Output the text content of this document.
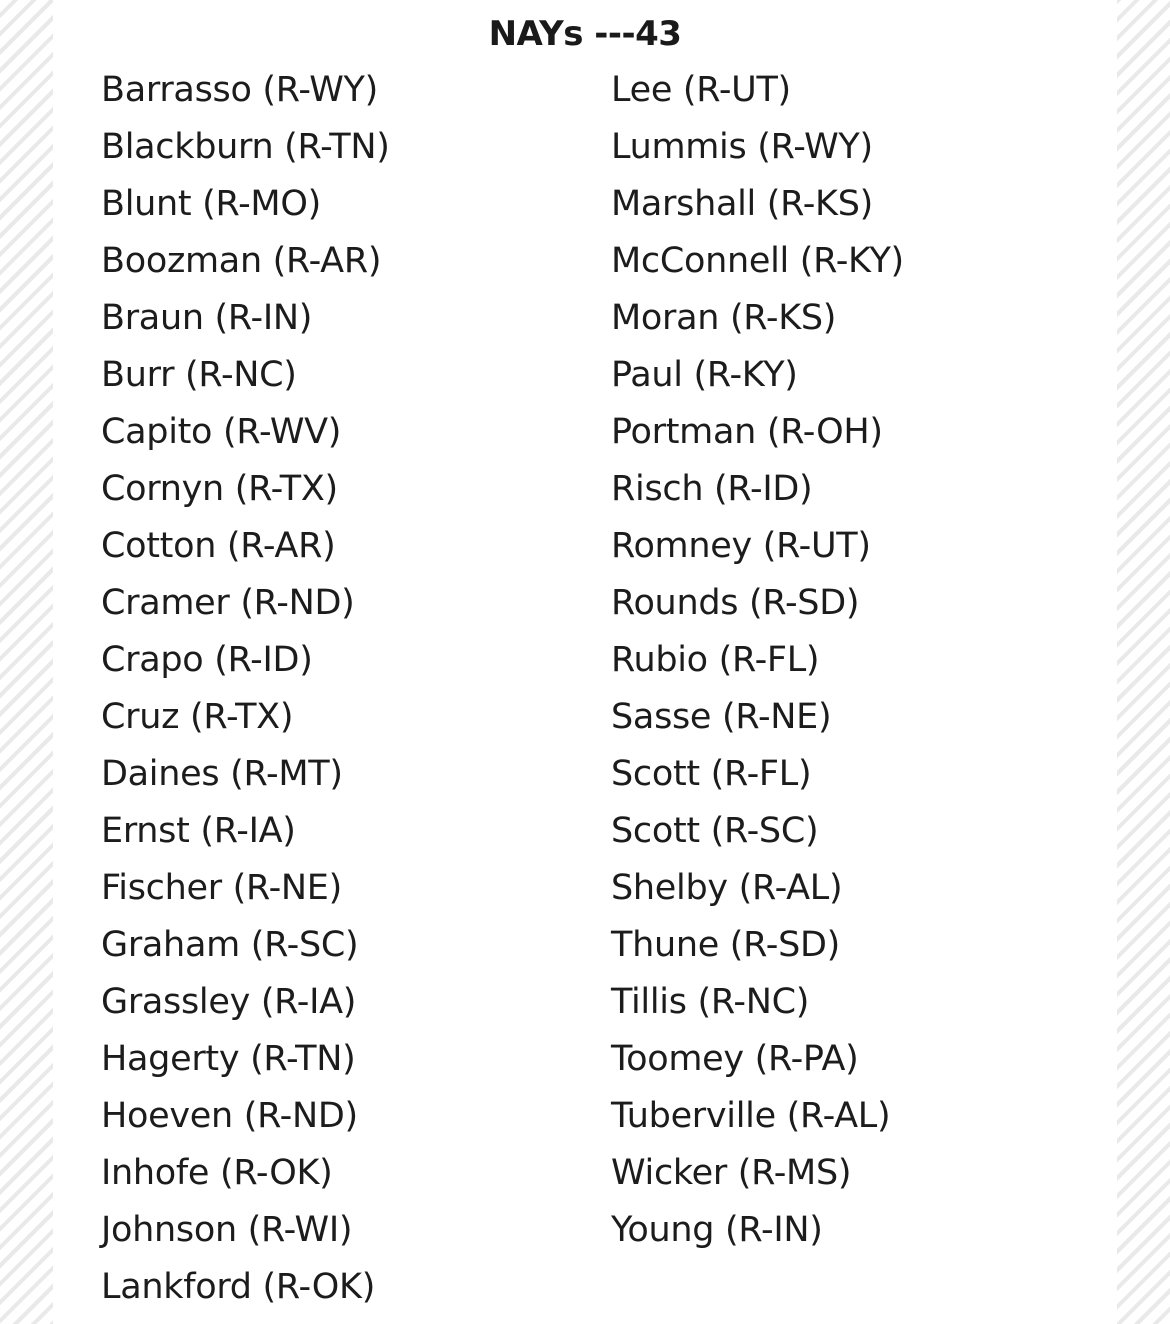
NAYs ---43
Barrasso (R-WY)
Blackburn (R-TN)
Blunt (R-MO)
Boozman (R-AR)
Braun (R-IN)
Burr (R-NC)
Capito (R-WV)
Cornyn (R-TX)
Cotton (R-AR)
Cramer (R-ND)
Crapo (R-ID)
Cruz (R-TX)
Daines (R-MT)
Ernst (R-IA)
Fischer (R-NE)
Graham (R-SC)
Grassley (R-IA)
Hagerty (R-TN)
Hoeven (R-ND)
Inhofe (R-OK)
Johnson (R-WI)
Lankford (R-OK)
Lee (R-UT)
Lummis (R-WY)
Marshall (R-KS)
McConnell (R-KY)
Moran (R-KS)
Paul (R-KY)
Portman (R-OH)
Risch (R-ID)
Romney (R-UT)
Rounds (R-SD)
Rubio (R-FL)
Sasse (R-NE)
Scott (R-FL)
Scott (R-SC)
Shelby (R-AL)
Thune (R-SD)
Tillis (R-NC)
Toomey (R-PA)
Tuberville (R-AL)
Wicker (R-MS)
Young (R-IN)
